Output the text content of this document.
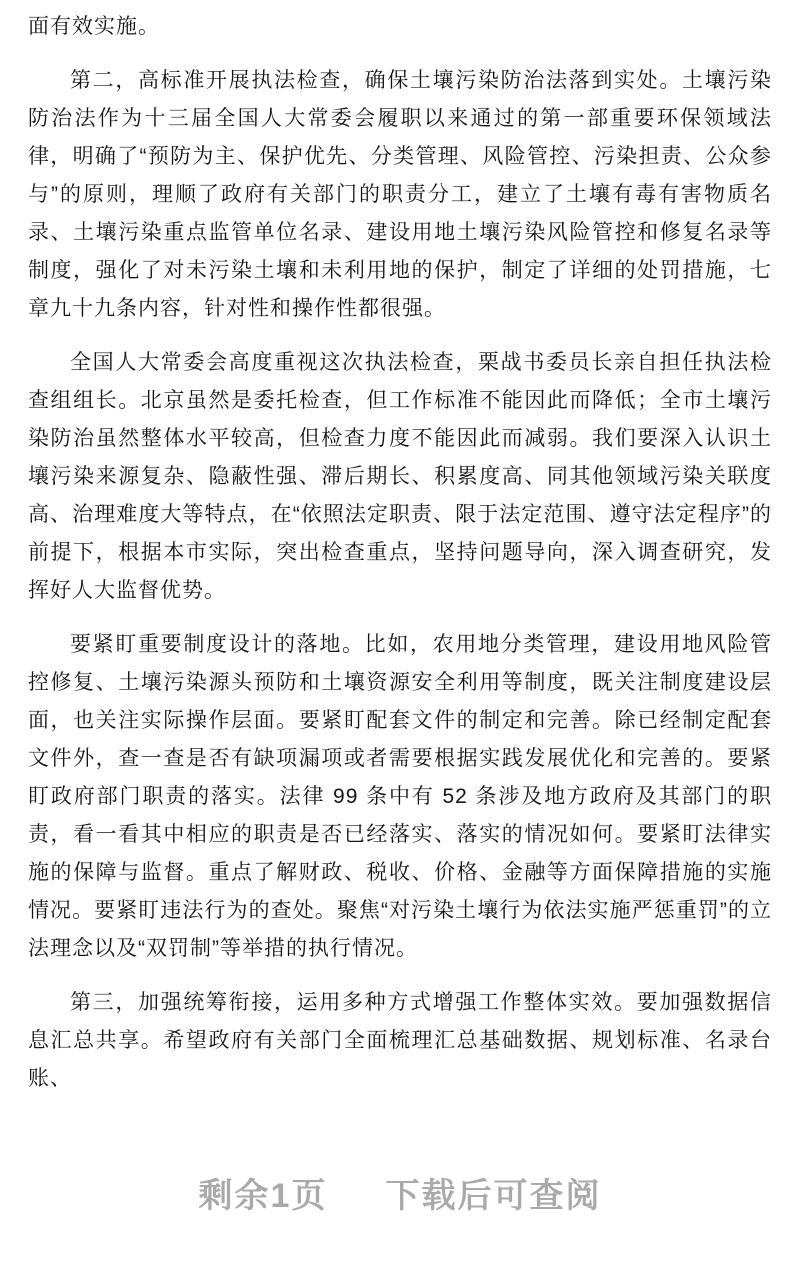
面有效实施。

第二，高标准开展执法检查，确保土壤污染防治法落到实处。土壤污染防治法作为十三届全国人大常委会履职以来通过的第一部重要环保领域法律，明确了“预防为主、保护优先、分类管理、风险管控、污染担责、公众参与”的原则，理顺了政府有关部门的职责分工，建立了土壤有毒有害物质名录、土壤污染重点监管单位名录、建设用地土壤污染风险管控和修复名录等制度，强化了对未污染土壤和未利用地的保护，制定了详细的处罚措施，七章九十九条内容，针对性和操作性都很强。

全国人大常委会高度重视这次执法检查，栗战书委员长亲自担任执法检查组组长。北京虽然是委托检查，但工作标准不能因此而降低；全市土壤污染防治虽然整体水平较高，但检查力度不能因此而减弱。我们要深入认识土壤污染来源复杂、隐蔽性强、滞后期长、积累度高、同其他领域污染关联度高、治理难度大等特点，在“依照法定职责、限于法定范围、遵守法定程序”的前提下，根据本市实际，突出检查重点，坚持问题导向，深入调查研究，发挥好人大监督优势。

要紧盯重要制度设计的落地。比如，农用地分类管理，建设用地风险管控修复、土壤污染源头预防和土壤资源安全利用等制度，既关注制度建设层面，也关注实际操作层面。要紧盯配套文件的制定和完善。除已经制定配套文件外，查一查是否有缺项漏项或者需要根据实践发展优化和完善的。要紧盯政府部门职责的落实。法律 99 条中有 52 条涉及地方政府及其部门的职责，看一看其中相应的职责是否已经落实、落实的情况如何。要紧盯法律实施的保障与监督。重点了解财政、税收、价格、金融等方面保障措施的实施情况。要紧盯违法行为的查处。聚焦“对污染土壤行为依法实施严惩重罚”的立法理念以及“双罚制”等举措的执行情况。

第三，加强统筹衔接，运用多种方式增强工作整体实效。要加强数据信息汇总共享。希望政府有关部门全面梳理汇总基础数据、规划标准、名录台账、

剩余1页 下载后可查阅
